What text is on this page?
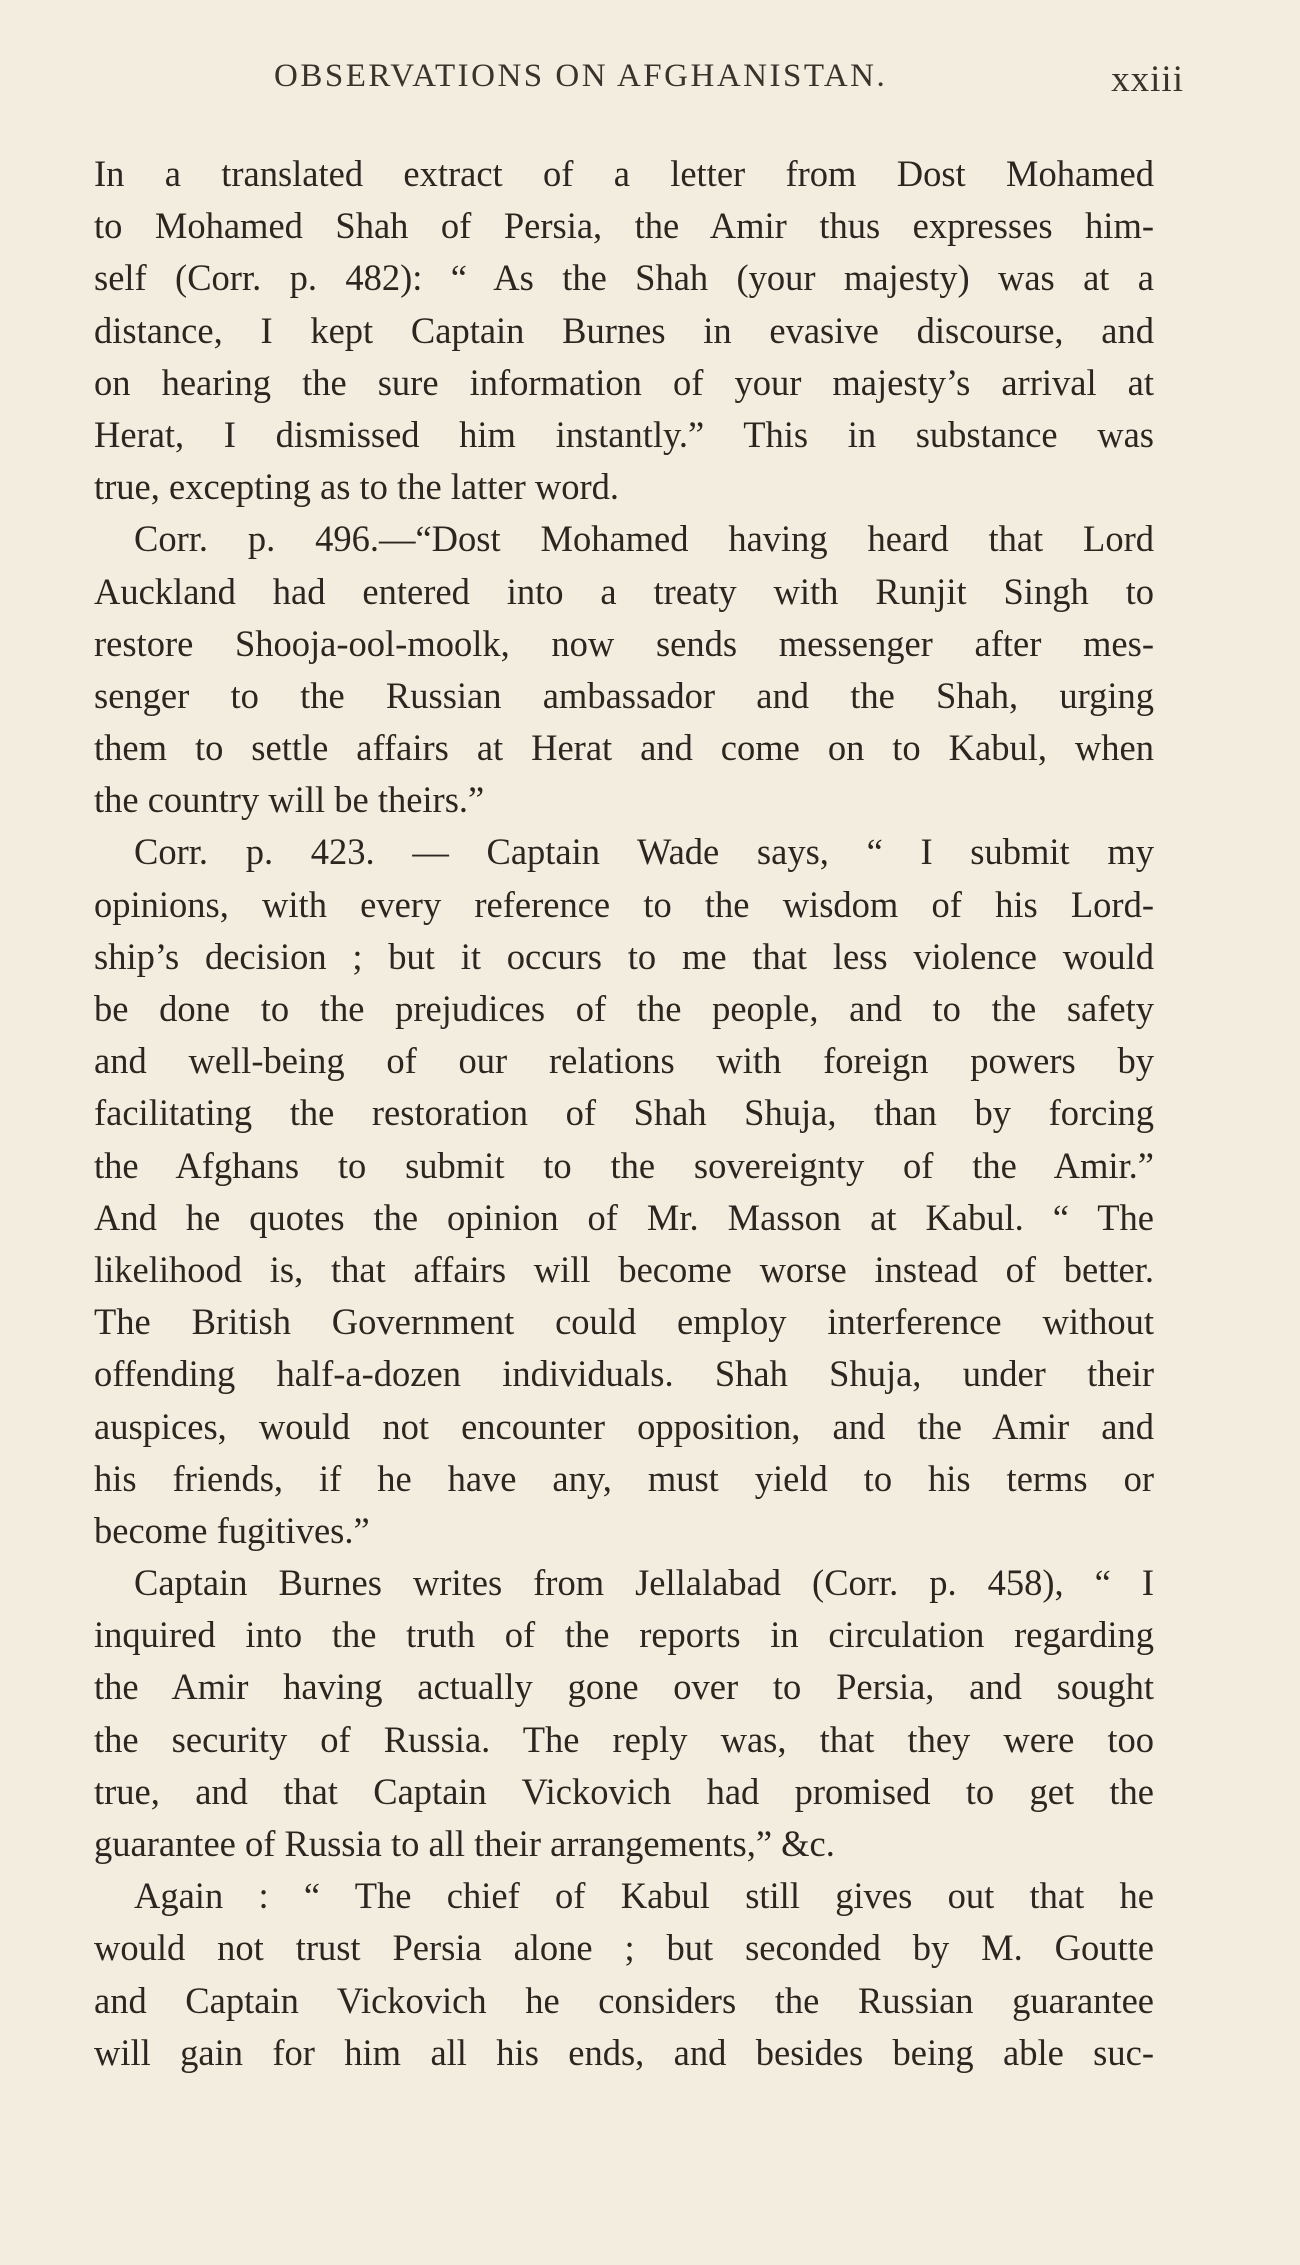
OBSERVATIONS ON AFGHANISTAN.	xxiii
In a translated extract of a letter from Dost Mohamed
to Mohamed Shah of Persia, the Amir thus expresses him-
self (Corr. p. 482): “ As the Shah (your majesty) was at a
distance, I kept Captain Burnes in evasive discourse, and
on hearing the sure information of your majesty’s arrival at
Herat, I dismissed him instantly.” This in substance was
true, excepting as to the latter word.
Corr. p. 496.—“Dost Mohamed having heard that Lord
Auckland had entered into a treaty with Runjit Singh to
restore Shooja-ool-moolk, now sends messenger after mes-
senger to the Russian ambassador and the Shah, urging
them to settle affairs at Herat and come on to Kabul, when
the country will be theirs.”
Corr. p. 423. — Captain Wade says, “ I submit my
opinions, with every reference to the wisdom of his Lord-
ship’s decision ; but it occurs to me that less violence would
be done to the prejudices of the people, and to the safety
and well-being of our relations with foreign powers by
facilitating the restoration of Shah Shuja, than by forcing
the Afghans to submit to the sovereignty of the Amir.”
And he quotes the opinion of Mr. Masson at Kabul. “ The
likelihood is, that affairs will become worse instead of better.
The British Government could employ interference without
offending half-a-dozen individuals. Shah Shuja, under their
auspices, would not encounter opposition, and the Amir and
his friends, if he have any, must yield to his terms or
become fugitives.”
Captain Burnes writes from Jellalabad (Corr. p. 458), “ I
inquired into the truth of the reports in circulation regarding
the Amir having actually gone over to Persia, and sought
the security of Russia. The reply was, that they were too
true, and that Captain Vickovich had promised to get the
guarantee of Russia to all their arrangements,” &c.
Again : “ The chief of Kabul still gives out that he
would not trust Persia alone ; but seconded by M. Goutte
and Captain Vickovich he considers the Russian guarantee
will gain for him all his ends, and besides being able suc-
